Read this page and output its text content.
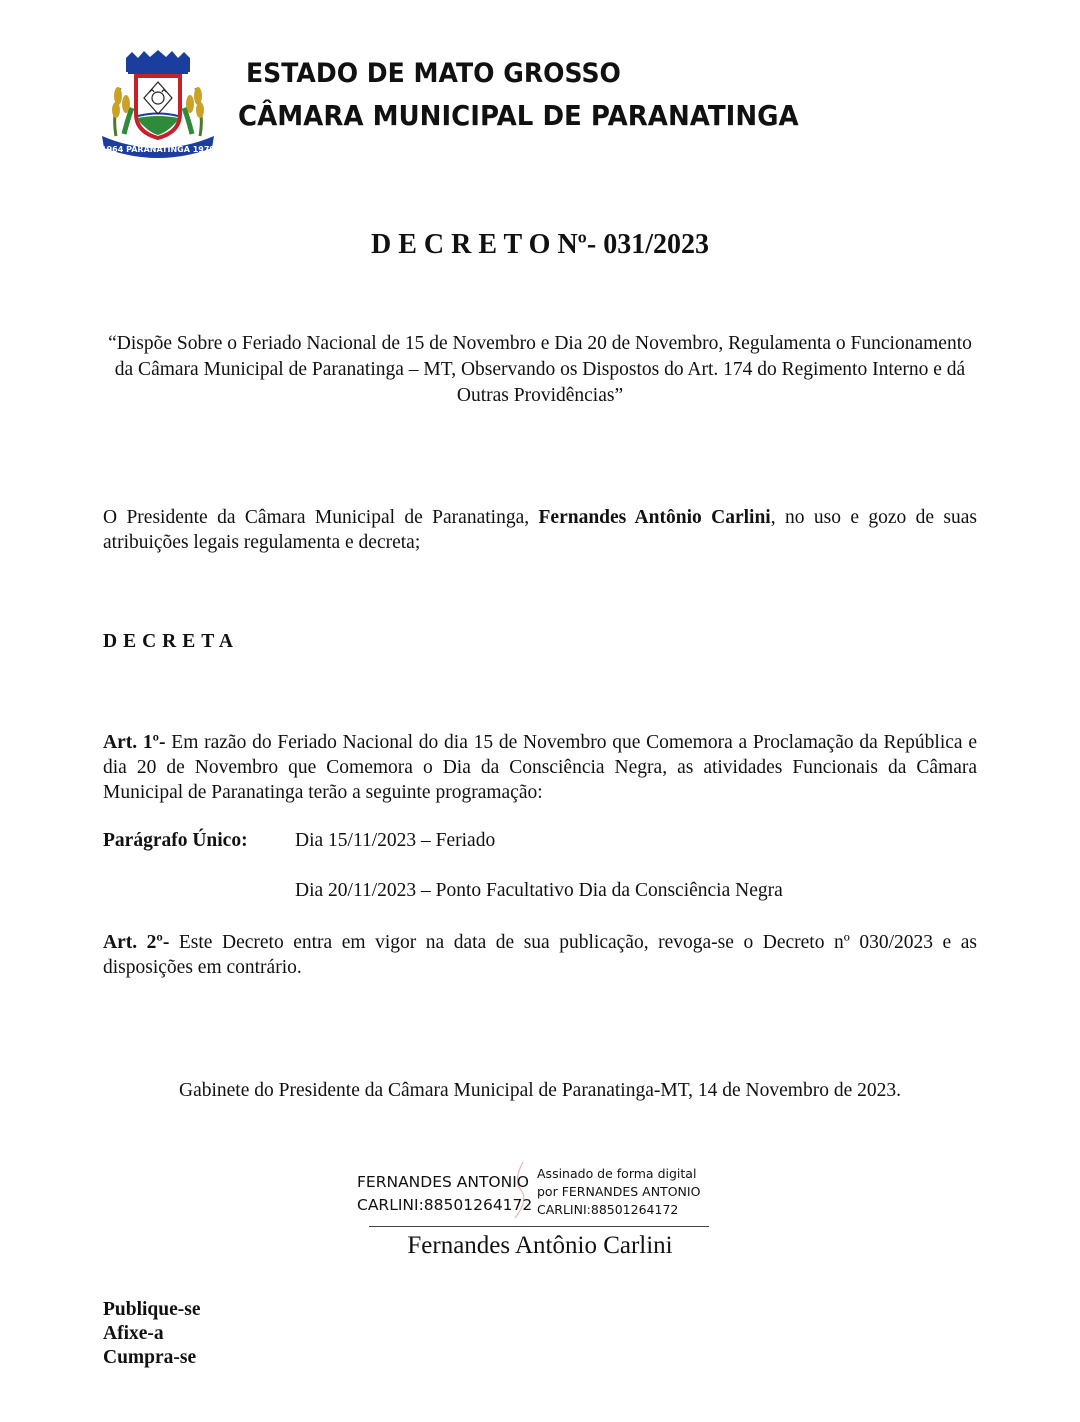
1964 PARANATINGA 1979
ESTADO DE MATO GROSSO
CÂMARA MUNICIPAL DE PARANATINGA
D E C R E T O Nº- 031/2023
“Dispõe Sobre o Feriado Nacional de 15 de Novembro e Dia 20 de Novembro, Regulamenta o Funcionamento da Câmara Municipal de Paranatinga – MT, Observando os Dispostos do Art. 174 do Regimento Interno e dá Outras Providências”
O Presidente da Câmara Municipal de Paranatinga, Fernandes Antônio Carlini, no uso e gozo de suas atribuições legais regulamenta e decreta;
DECRETA
Art. 1º- Em razão do Feriado Nacional do dia 15 de Novembro que Comemora a Proclamação da República e dia 20 de Novembro que Comemora o Dia da Consciência Negra, as atividades Funcionais da Câmara Municipal de Paranatinga terão a seguinte programação:
Parágrafo Único: Dia 15/11/2023 – Feriado
Dia 20/11/2023 – Ponto Facultativo Dia da Consciência Negra
Art. 2º- Este Decreto entra em vigor na data de sua publicação, revoga-se o Decreto nº 030/2023 e as disposições em contrário.
Gabinete do Presidente da Câmara Municipal de Paranatinga-MT, 14 de Novembro de 2023.
FERNANDES ANTONIO
CARLINI:88501264172
Assinado de forma digital
por FERNANDES ANTONIO
CARLINI:88501264172
Fernandes Antônio Carlini
Publique-se
Afixe-a
Cumpra-se
